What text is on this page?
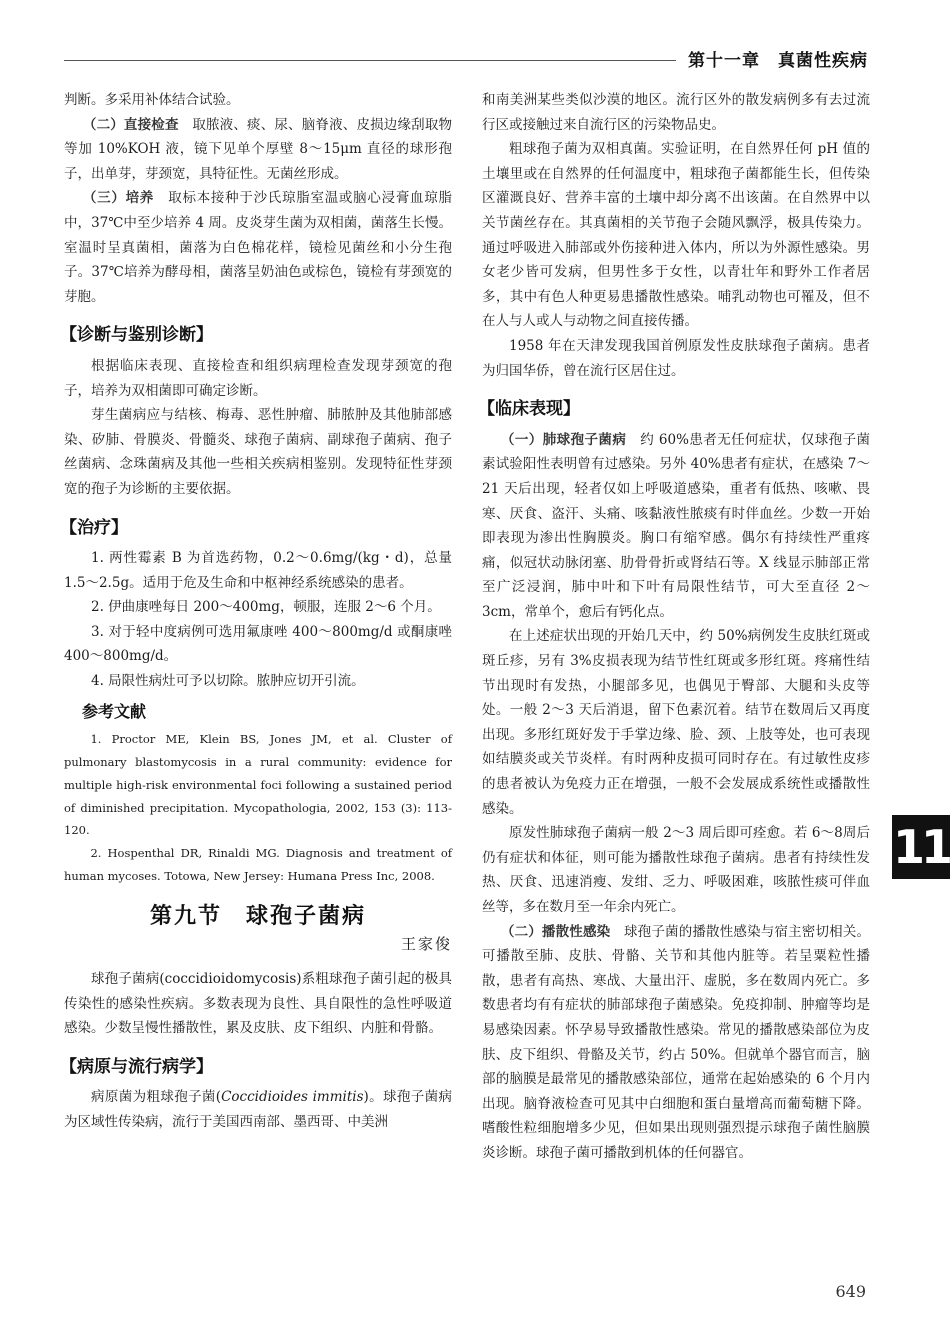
第十一章　真菌性疾病

判断。多采用补体结合试验。

（二）直接检查　取脓液、痰、尿、脑脊液、皮损边缘刮取物等加 10%KOH 液，镜下见单个厚壁 8～15μm 直径的球形孢子，出单芽，芽颈宽，具特征性。无菌丝形成。

（三）培养　取标本接种于沙氏琼脂室温或脑心浸膏血琼脂中，37℃中至少培养 4 周。皮炎芽生菌为双相菌，菌落生长慢。室温时呈真菌相，菌落为白色棉花样，镜检见菌丝和小分生孢子。37℃培养为酵母相，菌落呈奶油色或棕色，镜检有芽颈宽的芽胞。

【诊断与鉴别诊断】

根据临床表现、直接检查和组织病理检查发现芽颈宽的孢子，培养为双相菌即可确定诊断。

芽生菌病应与结核、梅毒、恶性肿瘤、肺脓肿及其他肺部感染、矽肺、骨膜炎、骨髓炎、球孢子菌病、副球孢子菌病、孢子丝菌病、念珠菌病及其他一些相关疾病相鉴别。发现特征性芽颈宽的孢子为诊断的主要依据。

【治疗】

1. 两性霉素 B 为首选药物，0.2～0.6mg/(kg・d)，总量 1.5～2.5g。适用于危及生命和中枢神经系统感染的患者。

2. 伊曲康唑每日 200～400mg，顿服，连服 2～6 个月。

3. 对于轻中度病例可选用氟康唑 400～800mg/d 或酮康唑 400～800mg/d。

4. 局限性病灶可予以切除。脓肿应切开引流。

参考文献

1. Proctor ME, Klein BS, Jones JM, et al. Cluster of pulmonary blastomycosis in a rural community: evidence for multiple high-risk environmental foci following a sustained period of diminished precipitation. Mycopathologia, 2002, 153 (3): 113-120.

2. Hospenthal DR, Rinaldi MG. Diagnosis and treatment of human mycoses. Totowa, New Jersey: Humana Press Inc, 2008.

第九节　球孢子菌病
王家俊

球孢子菌病(coccidioidomycosis)系粗球孢子菌引起的极具传染性的感染性疾病。多数表现为良性、具自限性的急性呼吸道感染。少数呈慢性播散性，累及皮肤、皮下组织、内脏和骨骼。

【病原与流行病学】

病原菌为粗球孢子菌(Coccidioides immitis)。球孢子菌病为区域性传染病，流行于美国西南部、墨西哥、中美洲

和南美洲某些类似沙漠的地区。流行区外的散发病例多有去过流行区或接触过来自流行区的污染物品史。

粗球孢子菌为双相真菌。实验证明，在自然界任何 pH 值的土壤里或在自然界的任何温度中，粗球孢子菌都能生长，但传染区灌溉良好、营养丰富的土壤中却分离不出该菌。在自然界中以关节菌丝存在。其真菌相的关节孢子会随风飘浮，极具传染力。通过呼吸进入肺部或外伤接种进入体内，所以为外源性感染。男女老少皆可发病，但男性多于女性，以青壮年和野外工作者居多，其中有色人种更易患播散性感染。哺乳动物也可罹及，但不在人与人或人与动物之间直接传播。

1958 年在天津发现我国首例原发性皮肤球孢子菌病。患者为归国华侨，曾在流行区居住过。

【临床表现】

（一）肺球孢子菌病　约 60%患者无任何症状，仅球孢子菌素试验阳性表明曾有过感染。另外 40%患者有症状，在感染 7～21 天后出现，轻者仅如上呼吸道感染，重者有低热、咳嗽、畏寒、厌食、盗汗、头痛、咳黏液性脓痰有时伴血丝。少数一开始即表现为渗出性胸膜炎。胸口有缩窄感。偶尔有持续性严重疼痛，似冠状动脉闭塞、肋骨骨折或肾结石等。X 线显示肺部正常至广泛浸润，肺中叶和下叶有局限性结节，可大至直径 2～3cm，常单个，愈后有钙化点。

在上述症状出现的开始几天中，约 50%病例发生皮肤红斑或斑丘疹，另有 3%皮损表现为结节性红斑或多形红斑。疼痛性结节出现时有发热，小腿部多见，也偶见于臀部、大腿和头皮等处。一般 2～3 天后消退，留下色素沉着。结节在数周后又再度出现。多形红斑好发于手掌边缘、脸、颈、上肢等处，也可表现如结膜炎或关节炎样。有时两种皮损可同时存在。有过敏性皮疹的患者被认为免疫力正在增强，一般不会发展成系统性或播散性感染。

原发性肺球孢子菌病一般 2～3 周后即可痊愈。若 6～8周后仍有症状和体征，则可能为播散性球孢子菌病。患者有持续性发热、厌食、迅速消瘦、发绀、乏力、呼吸困难，咳脓性痰可伴血丝等，多在数月至一年余内死亡。

（二）播散性感染　球孢子菌的播散性感染与宿主密切相关。可播散至肺、皮肤、骨骼、关节和其他内脏等。若呈粟粒性播散，患者有高热、寒战、大量出汗、虚脱，多在数周内死亡。多数患者均有有症状的肺部球孢子菌感染。免疫抑制、肿瘤等均是易感染因素。怀孕易导致播散性感染。常见的播散感染部位为皮肤、皮下组织、骨骼及关节，约占 50%。但就单个器官而言，脑部的脑膜是最常见的播散感染部位，通常在起始感染的 6 个月内出现。脑脊液检查可见其中白细胞和蛋白量增高而葡萄糖下降。嗜酸性粒细胞增多少见，但如果出现则强烈提示球孢子菌性脑膜炎诊断。球孢子菌可播散到机体的任何器官。

11
649
